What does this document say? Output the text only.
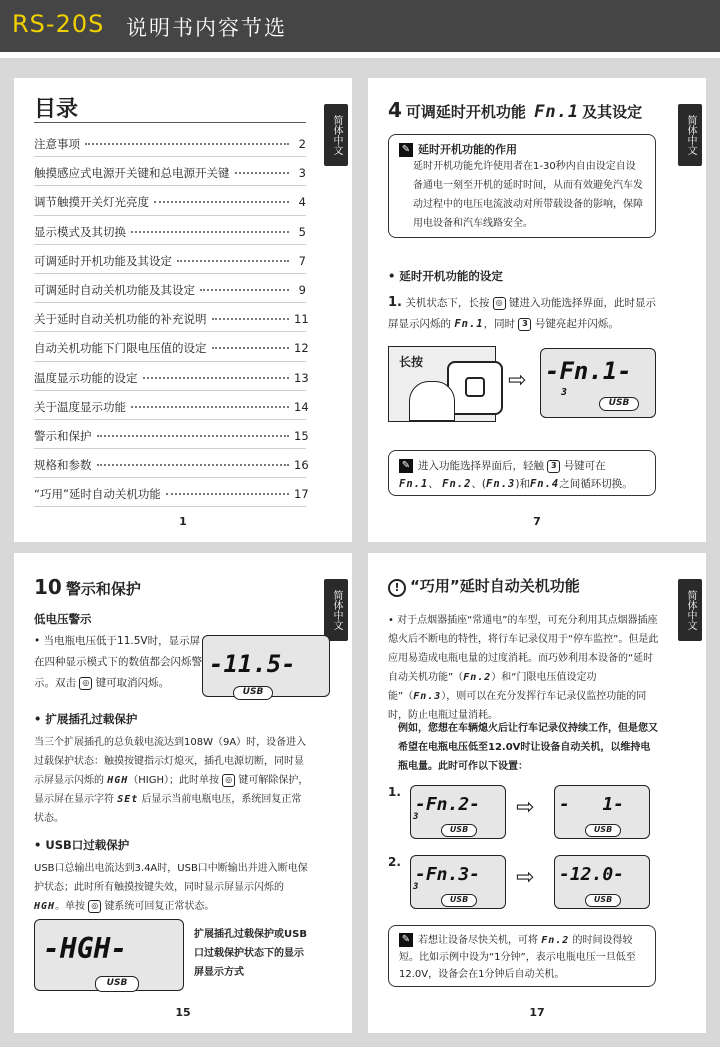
RS-20S 说明书内容节选
目录
简体中文
注意事项	2
触摸感应式电源开关键和总电源开关键	3
调节触摸开关灯光亮度	4
显示模式及其切换	5
可调延时开机功能及其设定	7
可调延时自动关机功能及其设定	9
关于延时自动关机功能的补充说明	11
自动关机功能下门限电压值的设定	12
温度显示功能的设定	13
关于温度显示功能	14
警示和保护	15
规格和参数	16
“巧用”延时自动关机功能	17
1
4 可调延时开机功能 Fn.1 及其设定
简体中文
✎ 延时开机功能的作用
延时开机功能允许使用者在1-30秒内自由设定自设备通电一刻至开机的延时时间，从而有效避免汽车发动过程中的电压电流波动对所带载设备的影响，保障用电设备和汽车线路安全。
• 延时开机功能的设定
1. 关机状态下，长按 ◎ 键进入功能选择界面，此时显示屏显示闪烁的 Fn.1，同时 3 号键亮起并闪烁。
长按
⇨ -Fn.1-
3
USB
✎ 进入功能选择界面后，轻触 3 号键可在 Fn.1、 Fn.2、(Fn.3)和Fn.4之间循环切换。
7
10 警示和保护
简体中文
低电压警示
• 当电瓶电压低于11.5V时，显示屏在四种显示模式下的数值都会闪烁警示。双击 ◎ 键可取消闪烁。
-11.5-
USB
• 扩展插孔过载保护
当三个扩展插孔的总负载电流达到108W（9A）时，设备进入过载保护状态：触摸按键指示灯熄灭，插孔电源切断，同时显示屏显示闪烁的 HGH（HIGH）；此时单按 ◎ 键可解除保护，显示屏在显示字符 SEt 后显示当前电瓶电压，系统回复正常状态。
• USB口过载保护
USB口总输出电流达到3.4A时，USB口中断输出并进入断电保护状态；此时所有触摸按键失效，同时显示屏显示闪烁的 HGH。单按 ◎ 键系统可回复正常状态。
-HGH-
USB
扩展插孔过载保护或USB口过载保护状态下的显示屏显示方式
15
! “巧用”延时自动关机功能
简体中文
• 对于点烟器插座“常通电”的车型，可充分利用其点烟器插座熄火后不断电的特性，将行车记录仪用于“停车监控”。但是此应用易造成电瓶电量的过度消耗。而巧妙利用本设备的“延时自动关机功能”（Fn.2）和“门限电压值设定功能”（Fn.3），则可以在充分发挥行车记录仪监控功能的同时，防止电瓶过量消耗。
例如，您想在车辆熄火后让行车记录仪持续工作，但是您又希望在电瓶电压低至12.0V时让设备自动关机，以维持电瓶电量。此时可作以下设置：
1.
-Fn.2-
3
USB
⇨ -   1-
USB
2.
-Fn.3-
3
USB
⇨ -12.0-
USB
✎ 若想让设备尽快关机，可将 Fn.2 的时间设得较短。比如示例中设为“1分钟”，表示电瓶电压一旦低至12.0V，设备会在1分钟后自动关机。
17
